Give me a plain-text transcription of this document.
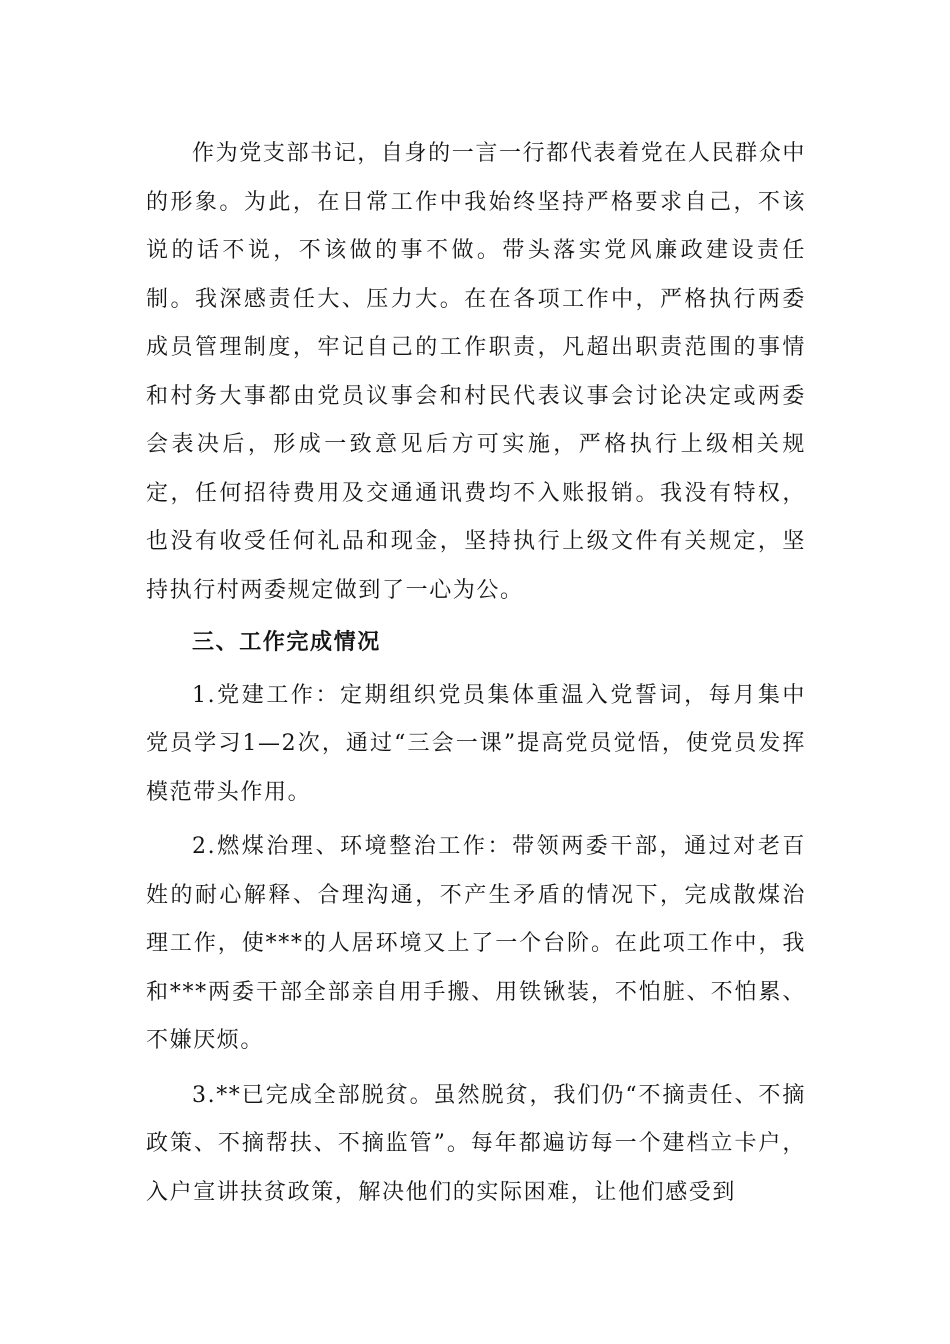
作为党支部书记，自身的一言一行都代表着党在人民群众中的形象。为此，在日常工作中我始终坚持严格要求自己，不该说的话不说，不该做的事不做。带头落实党风廉政建设责任制。我深感责任大、压力大。在在各项工作中，严格执行两委成员管理制度，牢记自己的工作职责，凡超出职责范围的事情和村务大事都由党员议事会和村民代表议事会讨论决定或两委会表决后，形成一致意见后方可实施，严格执行上级相关规定，任何招待费用及交通通讯费均不入账报销。我没有特权，也没有收受任何礼品和现金，坚持执行上级文件有关规定，坚持执行村两委规定做到了一心为公。

三、工作完成情况

1.党建工作：定期组织党员集体重温入党誓词，每月集中党员学习1—2次，通过“三会一课”提高党员觉悟，使党员发挥模范带头作用。

2.燃煤治理、环境整治工作：带领两委干部，通过对老百姓的耐心解释、合理沟通，不产生矛盾的情况下，完成散煤治理工作，使***的人居环境又上了一个台阶。在此项工作中，我和***两委干部全部亲自用手搬、用铁锹装，不怕脏、不怕累、不嫌厌烦。

3.**已完成全部脱贫。虽然脱贫，我们仍“不摘责任、不摘政策、不摘帮扶、不摘监管”。每年都遍访每一个建档立卡户，入户宣讲扶贫政策，解决他们的实际困难，让他们感受到
